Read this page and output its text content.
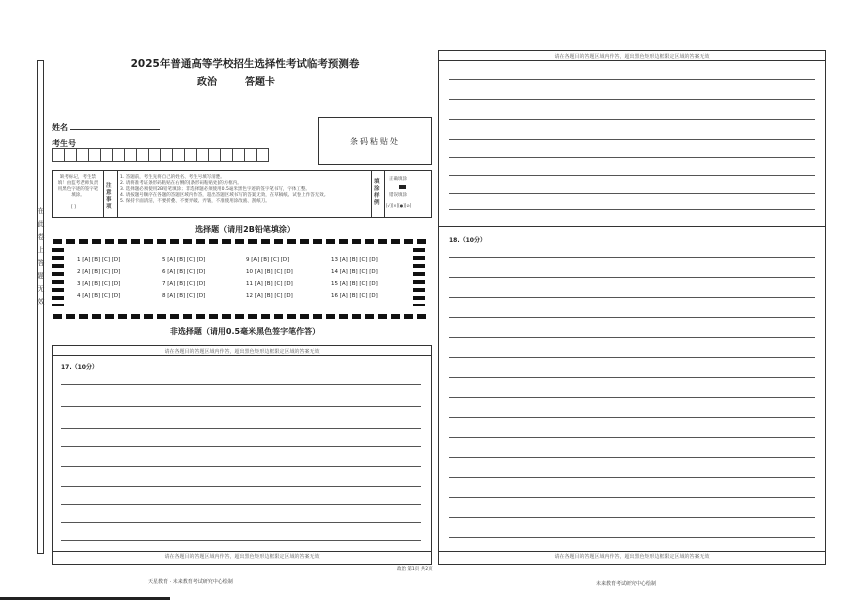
在此卷上答题无效
2025年普通高等学校招生选择性考试临考预测卷
政治	答题卡
姓名
考生号	条码粘贴处
缺考标记，考生禁填！由监考老师负责用黑色字迹的签字笔填涂。
[ ]
注意事项
1. 答题前，考生先将自己的姓名、考生号填写清楚。
2. 请将准考证条形码粘贴在右侧的[条形码粘贴处]的方框内。
3. 选择题必须使用2B铅笔填涂；非选择题必须使用0.5毫米黑色字迹的签字笔书写，字体工整。
4. 请按题号顺序在各题的答题区域内作答，超出答题区域书写的答案无效，在草稿纸、试卷上作答无效。
5. 保持卡面清洁，不要折叠、不要弄破、弄皱，不准使用涂改液、刮纸刀。
填涂样例
正确填涂
错误填涂
[√][×][●][⊘]
选择题（请用2B铅笔填涂）
1 [A] [B] [C] [D]
2 [A] [B] [C] [D]
3 [A] [B] [C] [D]
4 [A] [B] [C] [D]
5 [A] [B] [C] [D]
6 [A] [B] [C] [D]
7 [A] [B] [C] [D]
8 [A] [B] [C] [D]
9 [A] [B] [C] [D]
10 [A] [B] [C] [D]
11 [A] [B] [C] [D]
12 [A] [B] [C] [D]
13 [A] [B] [C] [D]
14 [A] [B] [C] [D]
15 [A] [B] [C] [D]
16 [A] [B] [C] [D]
非选择题（请用0.5毫米黑色签字笔作答）
请在各题目的答题区域内作答，超出黑色矩形边框限定区域的答案无效
17.（10分）
请在各题目的答题区域内作答，超出黑色矩形边框限定区域的答案无效
请在各题目的答题区域内作答，超出黑色矩形边框限定区域的答案无效
18.（10分）
请在各题目的答题区域内作答，超出黑色矩形边框限定区域的答案无效
天星教育 · 未来教育考试研究中心绘制
政治 第1页 共2页
未来教育考试研究中心绘制
